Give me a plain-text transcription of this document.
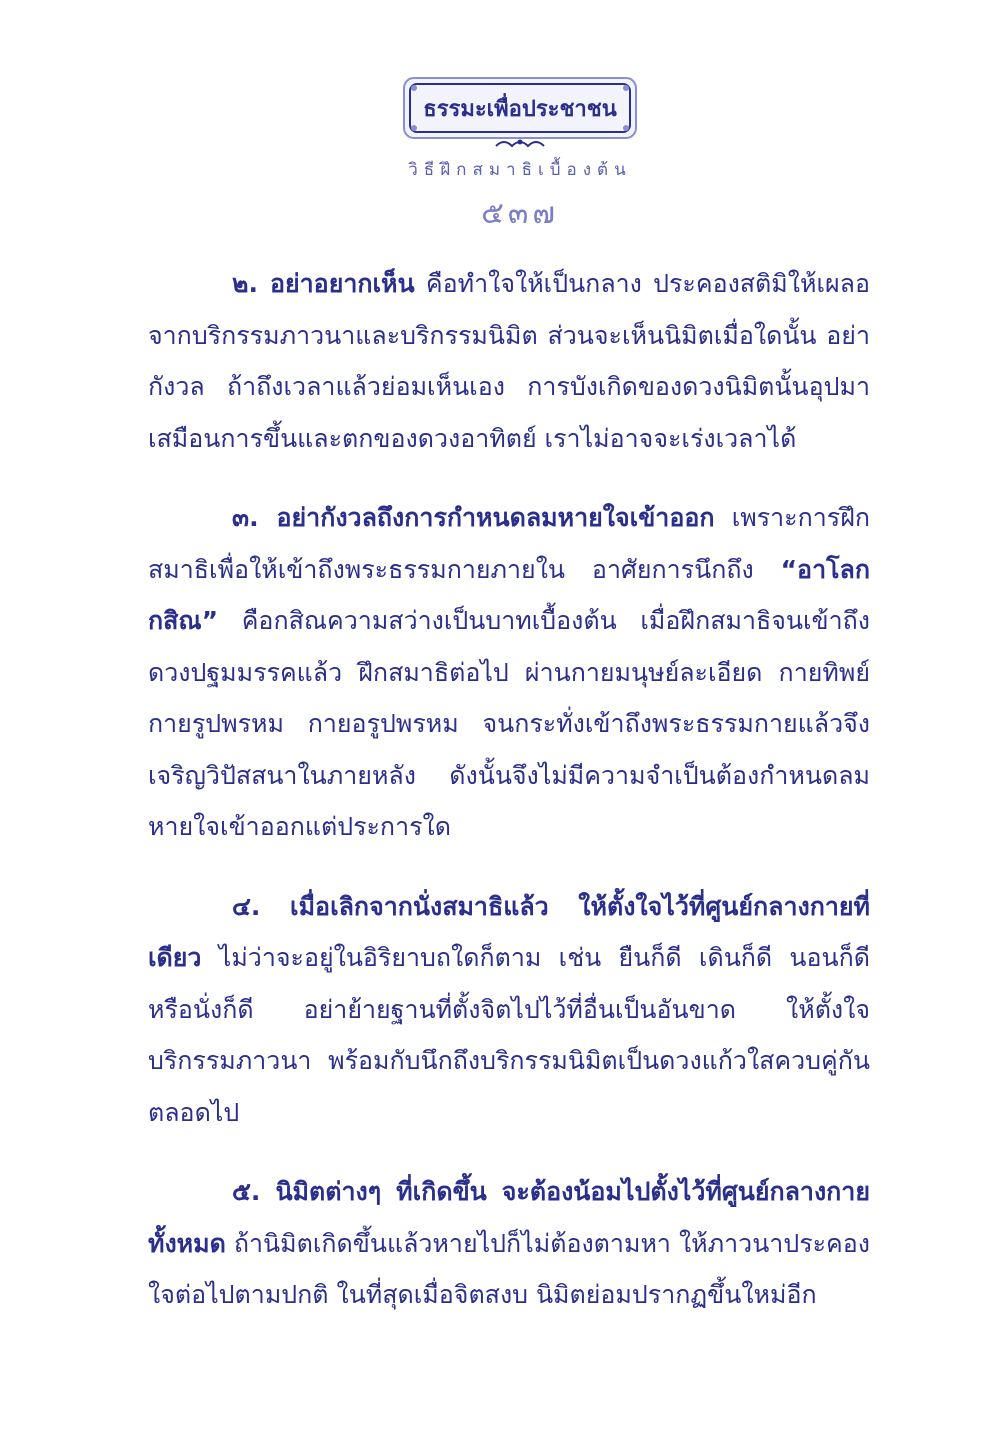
ธรรมะเพื่อประชาชน
วิธีฝึกสมาธิเบื้องต้น
๕๓๗

๒. อย่าอยากเห็น คือทำใจให้เป็นกลาง ประคองสติมิให้เผลอจากบริกรรมภาวนาและบริกรรมนิมิต ส่วนจะเห็นนิมิตเมื่อใดนั้น อย่ากังวล ถ้าถึงเวลาแล้วย่อมเห็นเอง การบังเกิดของดวงนิมิตนั้นอุปมาเสมือนการขึ้นและตกของดวงอาทิตย์ เราไม่อาจจะเร่งเวลาได้

๓. อย่ากังวลถึงการกำหนดลมหายใจเข้าออก เพราะการฝึกสมาธิเพื่อให้เข้าถึงพระธรรมกายภายใน อาศัยการนึกถึง “อาโลกกสิณ” คือกสิณความสว่างเป็นบาทเบื้องต้น เมื่อฝึกสมาธิจนเข้าถึงดวงปฐมมรรคแล้ว ฝึกสมาธิต่อไป ผ่านกายมนุษย์ละเอียด กายทิพย์ กายรูปพรหม กายอรูปพรหม จนกระทั่งเข้าถึงพระธรรมกายแล้วจึงเจริญวิปัสสนาในภายหลัง ดังนั้นจึงไม่มีความจำเป็นต้องกำหนดลมหายใจเข้าออกแต่ประการใด

๔. เมื่อเลิกจากนั่งสมาธิแล้ว ให้ตั้งใจไว้ที่ศูนย์กลางกายที่เดียว ไม่ว่าจะอยู่ในอิริยาบถใดก็ตาม เช่น ยืนก็ดี เดินก็ดี นอนก็ดี หรือนั่งก็ดี อย่าย้ายฐานที่ตั้งจิตไปไว้ที่อื่นเป็นอันขาด ให้ตั้งใจบริกรรมภาวนา พร้อมกับนึกถึงบริกรรมนิมิตเป็นดวงแก้วใสควบคู่กันตลอดไป

๕. นิมิตต่างๆ ที่เกิดขึ้น จะต้องน้อมไปตั้งไว้ที่ศูนย์กลางกายทั้งหมด ถ้านิมิตเกิดขึ้นแล้วหายไปก็ไม่ต้องตามหา ให้ภาวนาประคองใจต่อไปตามปกติ ในที่สุดเมื่อจิตสงบ นิมิตย่อมปรากฏขึ้นใหม่อีก
